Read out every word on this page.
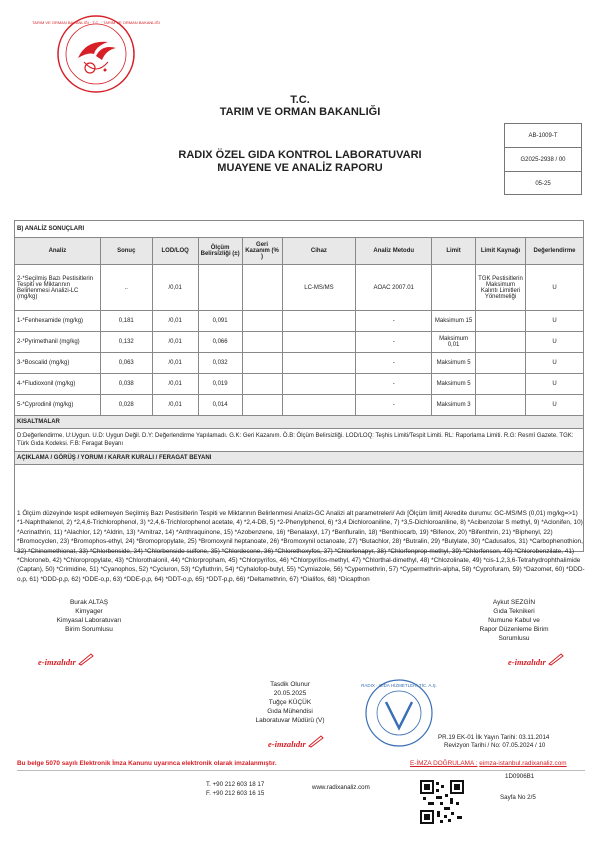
TARIM VE ORMAN BAKANLIĞI · T.C. · TARIM VE ORMAN BAKANLIĞI
T.C.
TARIM VE ORMAN BAKANLIĞI
RADIX ÖZEL GIDA KONTROL LABORATUVARI
MUAYENE VE ANALİZ RAPORU
AB-1009-T
G2025-2938 / 00
05-25
B) ANALİZ SONUÇLARI									
Analiz	Sonuç	LOD/LOQ	Ölçüm Belirsizliği (±)	Geri Kazanım (% )	Cihaz	Analiz Metodu	Limit	Limit Kaynağı	Değerlendirme
2-*Seçilmiş Bazı Pestisitlerin Tespiti ve Miktarının Belirlenmesi Analizi-LC (mg/kg)	..	/0,01			LC-MS/MS	AOAC 2007.01		TGK Pestisitlerin Maksimum Kalıntı Limitleri Yönetmeliği	U
1-*Fenhexamide (mg/kg)	0,181	/0,01	0,091			-	Maksimum 15		U
2-*Pyrimethanil (mg/kg)	0,132	/0,01	0,066			-	Maksimum 0,01		U
3-*Boscalid (mg/kg)	0,063	/0,01	0,032			-	Maksimum 5		U
4-*Fludioxonil (mg/kg)	0,038	/0,01	0,019			-	Maksimum 5		U
5-*Cyprodinil (mg/kg)	0,028	/0,01	0,014			-	Maksimum 3		U
KISALTMALAR									
D:Değerlendirme. U:Uygun. U.D: Uygun Değil. D.Y: Değerlendirme Yapılamadı. G.K: Geri Kazanım. Ö.B: Ölçüm Belirsizliği. LOD/LOQ: Teşhis Limiti/Tespit Limiti. RL: Raporlama Limiti. R.G: Resmî Gazete. TGK: Türk Gıda Kodeksi. F.B: Feragat Beyanı									
AÇIKLAMA / GÖRÜŞ / YORUM / KARAR KURALI / FERAGAT BEYANI									

1 Ölçüm düzeyinde tespit edilemeyen Seçilmiş Bazı Pestisitlerin Tespiti ve Miktarının Belirlenmesi Analizi-GC Analizi alt parametreleri/ Adı [Ölçüm limit] Akredite durumu: GC-MS/MS (0,01) mg/kg=>1) *1-Naphthalenol, 2) *2,4,6-Trichlorophenol, 3) *2,4,6-Trichlorophenol acetate, 4) *2,4-DB, 5) *2-Phenylphenol, 6) *3,4 Dichloroaniline, 7) *3,5-Dichloroaniline, 8) *Acibenzolar S methyl, 9) *Aclonifen, 10) *Acrinathrin, 11) *Alachlor, 12) *Aldrin, 13) *Amitraz, 14) *Anthraquinone, 15) *Azobenzene, 16) *Benalaxyl, 17) *Benfluralin, 18) *Benthiocarb, 19) *Bifenox, 20) *Bifenthrin, 21) *Biphenyl, 22) *Bromocyclen, 23) *Bromophos-ethyl, 24) *Bromopropylate, 25) *Bromoxynil heptanoate, 26) *Bromoxynil octanoate, 27) *Butachlor, 28) *Butralin, 29) *Butylate, 30) *Cadusafos, 31) *Carbophenothion, 32) *Chinomethionat, 33) *Chlorbenside, 34) *Chlorbenside sulfone, 35) *Chlordecone, 36) *Chlorethoxyfos, 37) *Chlorfenapyr, 38) *Chlorfenprop-methyl, 39) *Chlorfenson, 40) *Chlorobenzilate, 41) *Chloroneb, 42) *Chloropropylate, 43) *Chlorothalonil, 44) *Chlorpropham, 45) *Chlorpyrifos, 46) *Chlorpyrifos-methyl, 47) *Chlorthal-dimethyl, 48) *Chlozolinate, 49) *cis-1,2,3,6-Tetrahydrophthalimide (Captan), 50) *Crimidine, 51) *Cyanophos, 52) *Cycluron, 53) *Cyfluthrin, 54) *Cyhalofop-butyl, 55) *Cymiazole, 56) *Cypermethrin, 57) *Cypermethrin-alpha, 58) *Cyprofuram, 59) *Dazomet, 60) *DDD-o,p, 61) *DDD-p,p, 62) *DDE-o,p, 63) *DDE-p,p, 64) *DDT-o,p, 65) *DDT-p,p, 66) *Deltamethrin, 67) *Dialifos, 68) *Dicapthon
Burak ALTAŞ
Kimyager
Kimyasal Laboratuvarı
Birim Sorumlusu
e-imzalıdır
Aykut SEZGİN
Gıda Teknikeri
Numune Kabul ve
Rapor Düzenleme Birim
Sorumlusu
e-imzalıdır
Tasdik Olunur
20.05.2025
Tuğçe KÜÇÜK
Gıda Mühendisi
Laboratuvar Müdürü (V)
e-imzalıdır
RADIX · GIDA HİZMETLERİ TİC. A.Ş.
PR.19 EK-01 İlk Yayın Tarihi: 03.11.2014
Revizyon Tarihi / No: 07.05.2024 / 10
Bu belge 5070 sayılı Elektronik İmza Kanunu uyarınca elektronik olarak imzalanmıştır.	E-İMZA DOĞRULAMA : eimza-istanbul.radixanaliz.com
T. +90 212 603 18 17
F. +90 212 603 16 15
www.radixanaliz.com
1D0906B1
Sayfa No 2/5
